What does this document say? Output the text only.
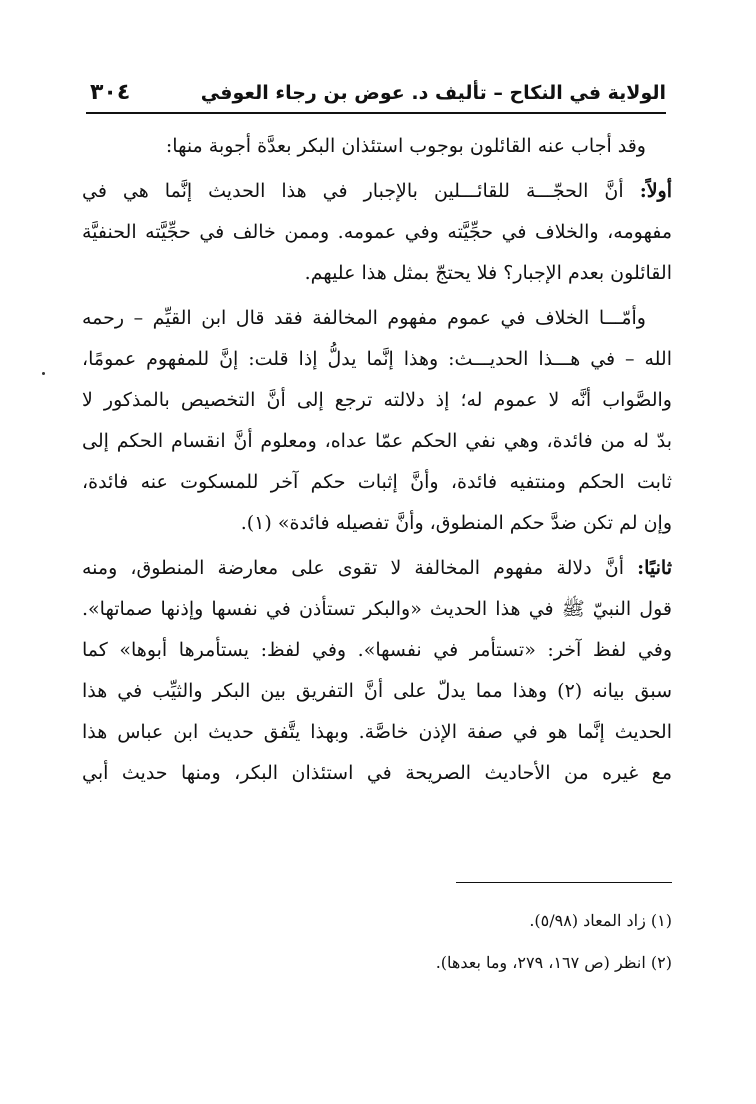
الولاية في النكاح – تأليف د. عوض بن رجاء العوفي
٣٠٤
وقد أجاب عنه القائلون بوجوب استئذان البكر بعدَّة أجوبة منها:
أولاً: أنَّ الحجّـــة للقائـــلين بالإجبار في هذا الحديث إنَّما هي في
مفهومه، والخلاف في حجِّيَّته وفي عمومه. وممن خالف في حجِّيَّته الحنفيَّة
القائلون بعدم الإجبار؟ فلا يحتجّ بمثل هذا عليهم.
وأمّـــا الخلاف في عموم مفهوم المخالفة فقد قال ابن القيِّم – رحمه
الله – في هـــذا الحديـــث: وهذا إنَّما يدلُّ إذا قلت: إنَّ للمفهوم عمومًا،
والصَّواب أنَّه لا عموم له؛ إذ دلالته ترجع إلى أنَّ التخصيص بالمذكور لا
بدّ له من فائدة، وهي نفي الحكم عمّا عداه، ومعلوم أنَّ انقسام الحكم إلى
ثابت الحكم ومنتفيه فائدة، وأنَّ إثبات حكم آخر للمسكوت عنه فائدة،
وإن لم تكن ضدَّ حكم المنطوق، وأنَّ تفصيله فائدة» (١).
ثانيًا: أنَّ دلالة مفهوم المخالفة لا تقوى على معارضة المنطوق، ومنه
قول النبيّ ﷺ في هذا الحديث «والبكر تستأذن في نفسها وإذنها صماتها».
وفي لفظ آخر: «تستأمر في نفسها». وفي لفظ: يستأمرها أبوها» كما
سبق بيانه (٢) وهذا مما يدلّ على أنَّ التفريق بين البكر والثيِّب في هذا
الحديث إنَّما هو في صفة الإذن خاصَّة. وبهذا يتَّفق حديث ابن عباس هذا
مع غيره من الأحاديث الصريحة في استئذان البكر، ومنها حديث أبي
(١) زاد المعاد (٥/٩٨).
(٢) انظر (ص ١٦٧، ٢٧٩، وما بعدها).
